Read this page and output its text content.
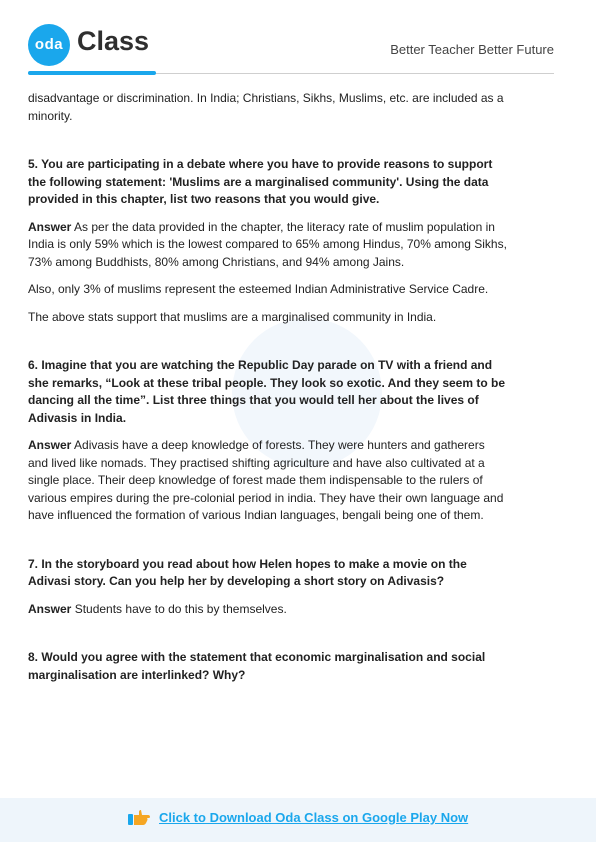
oda Class	Better Teacher Better Future

disadvantage or discrimination. In India; Christians, Sikhs, Muslims, etc. are included as a minority.

5. You are participating in a debate where you have to provide reasons to support the following statement: 'Muslims are a marginalised community'. Using the data provided in this chapter, list two reasons that you would give.

Answer As per the data provided in the chapter, the literacy rate of muslim population in India is only 59% which is the lowest compared to 65% among Hindus, 70% among Sikhs, 73% among Buddhists, 80% among Christians, and 94% among Jains.

Also, only 3% of muslims represent the esteemed Indian Administrative Service Cadre.

The above stats support that muslims are a marginalised community in India.

6. Imagine that you are watching the Republic Day parade on TV with a friend and she remarks, “Look at these tribal people. They look so exotic. And they seem to be dancing all the time”. List three things that you would tell her about the lives of Adivasis in India.

Answer Adivasis have a deep knowledge of forests. They were hunters and gatherers and lived like nomads. They practised shifting agriculture and have also cultivated at a single place. Their deep knowledge of forest made them indispensable to the rulers of various empires during the pre-colonial period in india. They have their own language and have influenced the formation of various Indian languages, bengali being one of them.

7. In the storyboard you read about how Helen hopes to make a movie on the Adivasi story. Can you help her by developing a short story on Adivasis?

Answer Students have to do this by themselves.

8. Would you agree with the statement that economic marginalisation and social marginalisation are interlinked? Why?

Click to Download Oda Class on Google Play Now
